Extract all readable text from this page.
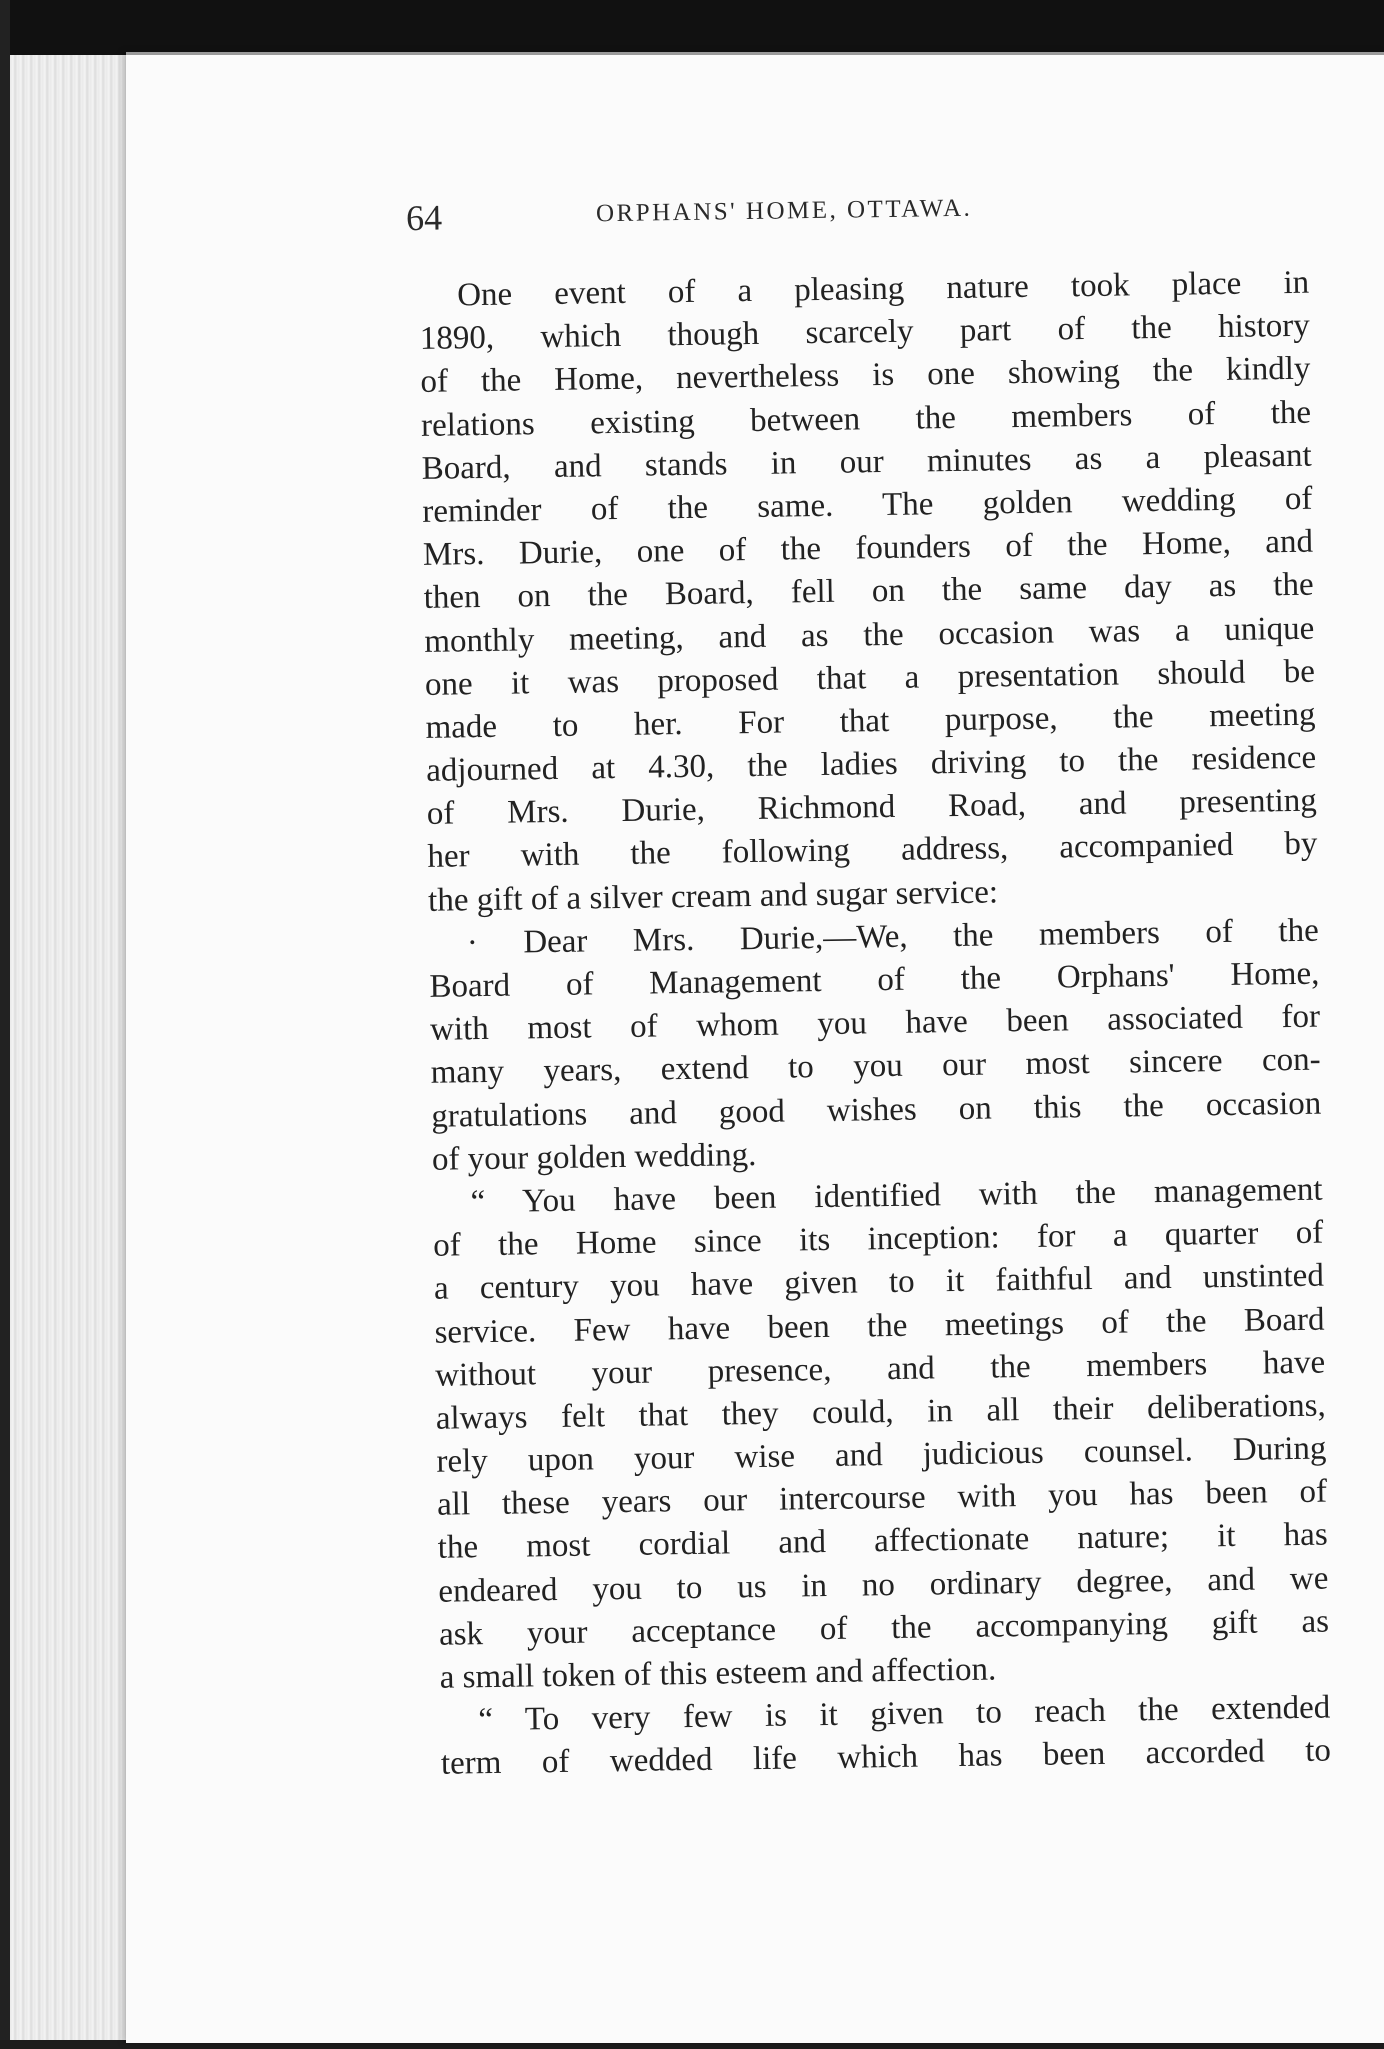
64	ORPHANS' HOME, OTTAWA.
One event of a pleasing nature took place in
1890, which though scarcely part of the history
of the Home, nevertheless is one showing the kindly
relations existing between the members of the
Board, and stands in our minutes as a pleasant
reminder of the same. The golden wedding of
Mrs. Durie, one of the founders of the Home, and
then on the Board, fell on the same day as the
monthly meeting, and as the occasion was a unique
one it was proposed that a presentation should be
made to her. For that purpose, the meeting
adjourned at 4.30, the ladies driving to the residence
of Mrs. Durie, Richmond Road, and presenting
her with the following address, accompanied by
the gift of a silver cream and sugar service:
· Dear Mrs. Durie,—We, the members of the
Board of Management of the Orphans' Home,
with most of whom you have been associated for
many years, extend to you our most sincere con-
gratulations and good wishes on this the occasion
of your golden wedding.
“ You have been identified with the management
of the Home since its inception: for a quarter of
a century you have given to it faithful and unstinted
service. Few have been the meetings of the Board
without your presence, and the members have
always felt that they could, in all their deliberations,
rely upon your wise and judicious counsel. During
all these years our intercourse with you has been of
the most cordial and affectionate nature; it has
endeared you to us in no ordinary degree, and we
ask your acceptance of the accompanying gift as
a small token of this esteem and affection.
“ To very few is it given to reach the extended
term of wedded life which has been accorded to
